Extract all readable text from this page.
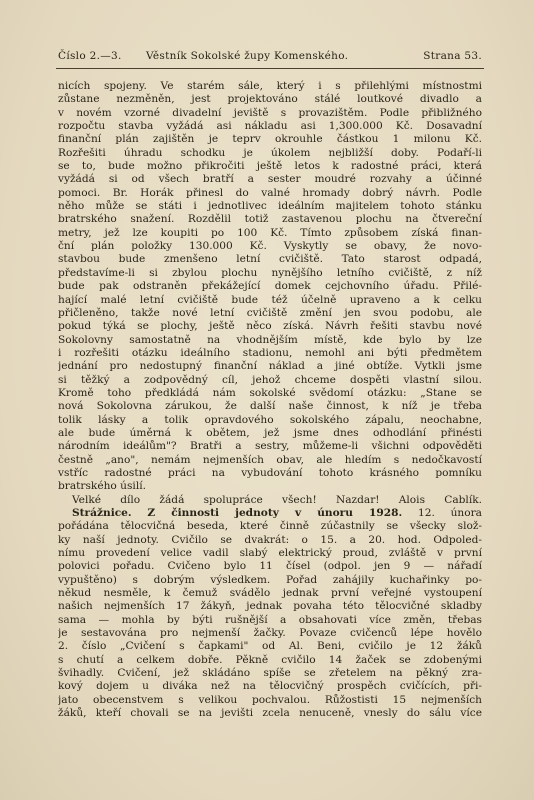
Číslo 2.—3. Věstník Sokolské župy Komenského.	Strana 53.
nicích spojeny. Ve starém sále, který i s přilehlými místnostmi
zůstane nezměněn, jest projektováno stálé loutkové divadlo a
v novém vzorné divadelní jeviště s provazištěm. Podle přibližného
rozpočtu stavba vyžádá asi nákladu asi 1,300.000 Kč. Dosavadní
finanční plán zajištěn je teprv okrouhle částkou 1 milonu Kč.
Rozřešiti úhradu schodku je úkolem nejbližší doby. Podaří-li
se to, bude možno přikročiti ještě letos k radostné práci, která
vyžádá si od všech bratří a sester moudré rozvahy a účinné
pomoci. Br. Horák přinesl do valné hromady dobrý návrh. Podle
něho může se státi i jednotlivec ideálním majitelem tohoto stánku
bratrského snažení. Rozdělil totiž zastavenou plochu na čtvereční
metry, jež lze koupiti po 100 Kč. Tímto způsobem získá finan-
ční plán položky 130.000 Kč. Vyskytly se obavy, že novo-
stavbou bude zmenšeno letní cvičiště. Tato starost odpadá,
představíme-li si zbylou plochu nynějšího letního cvičiště, z níž
bude pak odstraněn překážející domek cejchovního úřadu. Přilé-
hající malé letní cvičiště bude též účelně upraveno a k celku
přičleněno, takže nové letní cvičiště změní jen svou podobu, ale
pokud týká se plochy, ještě něco získá. Návrh řešiti stavbu nové
Sokolovny samostatně na vhodnějším místě, kde bylo by lze
i rozřešiti otázku ideálního stadionu, nemohl ani býti předmětem
jednání pro nedostupný finanční náklad a jiné obtíže. Vytkli jsme
si těžký a zodpovědný cíl, jehož chceme dospěti vlastní silou.
Kromě toho předkládá nám sokolské svědomí otázku: „Stane se
nová Sokolovna zárukou, že další naše činnost, k níž je třeba
tolik lásky a tolik opravdového sokolského zápalu, neochabne,
ale bude úměrná k obětem, jež jsme dnes odhodlání přinésti
národním ideálům"? Bratři a sestry, můžeme-li všichni odpověděti
čestně „ano", nemám nejmenších obav, ale hledím s nedočkavostí
vstříc radostné práci na vybudování tohoto krásného pomníku
bratrského úsilí.
Velké dílo žádá spolupráce všech! Nazdar! Alois Cablík.
Strážnice. Z činnosti jednoty v únoru 1928. 12. února
pořádána tělocvičná beseda, které činně zúčastnily se všecky slož-
ky naší jednoty. Cvičilo se dvakrát: o 15. a 20. hod. Odpoled-
nímu provedení velice vadil slabý elektrický proud, zvláště v první
polovici pořadu. Cvičeno bylo 11 čísel (odpol. jen 9 — nářadí
vypuštěno) s dobrým výsledkem. Pořad zahájily kuchařinky po-
někud nesměle, k čemuž svádělo jednak první veřejné vystoupení
našich nejmenších 17 žákyň, jednak povaha této tělocvičné skladby
sama — mohla by býti rušnější a obsahovati více změn, třebas
je sestavována pro nejmenší žačky. Povaze cvičenců lépe hovělo
2. číslo „Cvičení s čapkami" od Al. Beni, cvičilo je 12 žáků
s chutí a celkem dobře. Pěkně cvičilo 14 žaček se zdobenými
švihadly. Cvičení, jež skládáno spíše se zřetelem na pěkný zra-
kový dojem u diváka než na tělocvičný prospěch cvičících, při-
jato obecenstvem s velikou pochvalou. Růžostisti 15 nejmenších
žáků, kteří chovali se na jevišti zcela nenuceně, vnesly do sálu více
